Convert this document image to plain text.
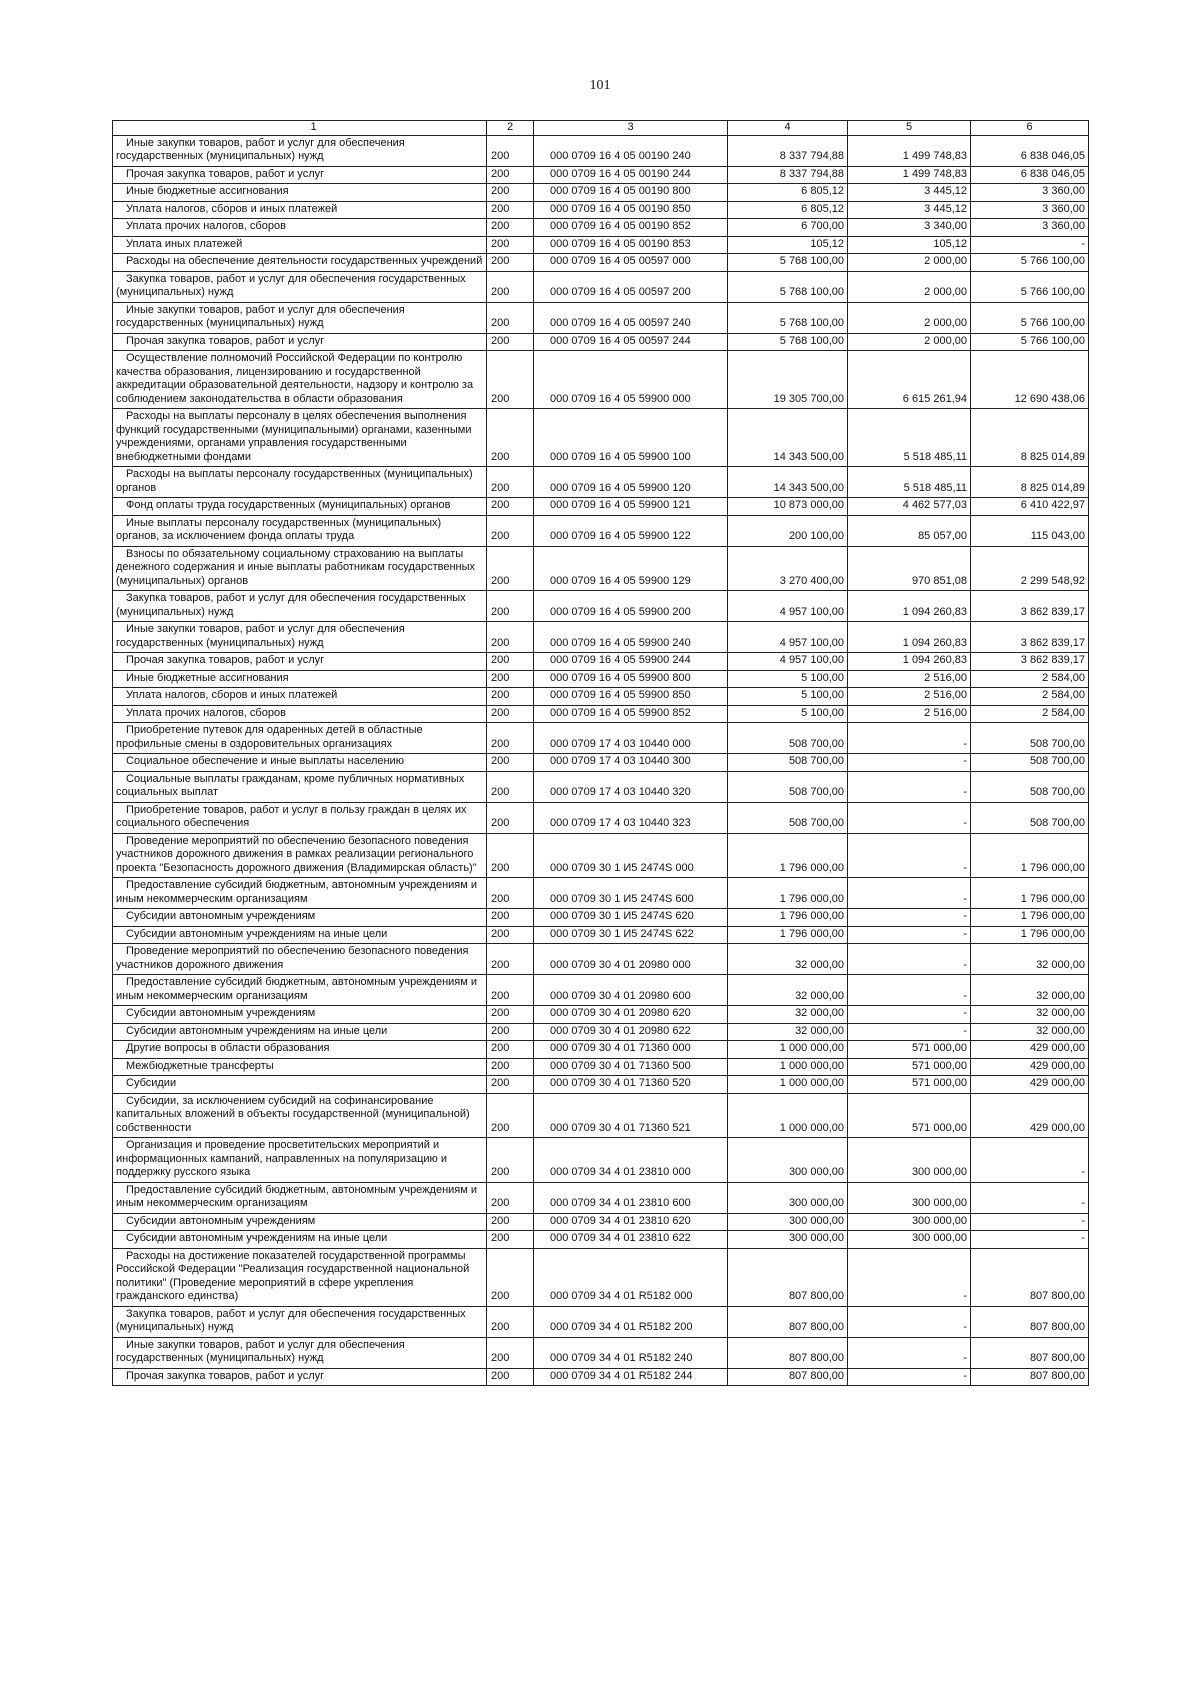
101
1	2	3	4	5	6
Иные закупки товаров, работ и услуг для обеспечения государственных (муниципальных) нужд	200	000 0709 16 4 05 00190 240	8 337 794,88	1 499 748,83	6 838 046,05
Прочая закупка товаров, работ и услуг	200	000 0709 16 4 05 00190 244	8 337 794,88	1 499 748,83	6 838 046,05
Иные бюджетные ассигнования	200	000 0709 16 4 05 00190 800	6 805,12	3 445,12	3 360,00
Уплата налогов, сборов и иных платежей	200	000 0709 16 4 05 00190 850	6 805,12	3 445,12	3 360,00
Уплата прочих налогов, сборов	200	000 0709 16 4 05 00190 852	6 700,00	3 340,00	3 360,00
Уплата иных платежей	200	000 0709 16 4 05 00190 853	105,12	105,12	-
Расходы на обеспечение деятельности государственных учреждений	200	000 0709 16 4 05 00597 000	5 768 100,00	2 000,00	5 766 100,00
Закупка товаров, работ и услуг для обеспечения государственных (муниципальных) нужд	200	000 0709 16 4 05 00597 200	5 768 100,00	2 000,00	5 766 100,00
Иные закупки товаров, работ и услуг для обеспечения государственных (муниципальных) нужд	200	000 0709 16 4 05 00597 240	5 768 100,00	2 000,00	5 766 100,00
Прочая закупка товаров, работ и услуг	200	000 0709 16 4 05 00597 244	5 768 100,00	2 000,00	5 766 100,00
Осуществление полномочий Российской Федерации по контролю качества образования, лицензированию и государственной аккредитации образовательной деятельности, надзору и контролю за соблюдением законодательства в области образования	200	000 0709 16 4 05 59900 000	19 305 700,00	6 615 261,94	12 690 438,06
Расходы на выплаты персоналу в целях обеспечения выполнения функций государственными (муниципальными) органами, казенными учреждениями, органами управления государственными внебюджетными фондами	200	000 0709 16 4 05 59900 100	14 343 500,00	5 518 485,11	8 825 014,89
Расходы на выплаты персоналу государственных (муниципальных) органов	200	000 0709 16 4 05 59900 120	14 343 500,00	5 518 485,11	8 825 014,89
Фонд оплаты труда государственных (муниципальных) органов	200	000 0709 16 4 05 59900 121	10 873 000,00	4 462 577,03	6 410 422,97
Иные выплаты персоналу государственных (муниципальных) органов, за исключением фонда оплаты труда	200	000 0709 16 4 05 59900 122	200 100,00	85 057,00	115 043,00
Взносы по обязательному социальному страхованию на выплаты денежного содержания и иные выплаты работникам государственных (муниципальных) органов	200	000 0709 16 4 05 59900 129	3 270 400,00	970 851,08	2 299 548,92
Закупка товаров, работ и услуг для обеспечения государственных (муниципальных) нужд	200	000 0709 16 4 05 59900 200	4 957 100,00	1 094 260,83	3 862 839,17
Иные закупки товаров, работ и услуг для обеспечения государственных (муниципальных) нужд	200	000 0709 16 4 05 59900 240	4 957 100,00	1 094 260,83	3 862 839,17
Прочая закупка товаров, работ и услуг	200	000 0709 16 4 05 59900 244	4 957 100,00	1 094 260,83	3 862 839,17
Иные бюджетные ассигнования	200	000 0709 16 4 05 59900 800	5 100,00	2 516,00	2 584,00
Уплата налогов, сборов и иных платежей	200	000 0709 16 4 05 59900 850	5 100,00	2 516,00	2 584,00
Уплата прочих налогов, сборов	200	000 0709 16 4 05 59900 852	5 100,00	2 516,00	2 584,00
Приобретение путевок для одаренных детей в областные профильные смены в оздоровительных организациях	200	000 0709 17 4 03 10440 000	508 700,00	-	508 700,00
Социальное обеспечение и иные выплаты населению	200	000 0709 17 4 03 10440 300	508 700,00	-	508 700,00
Социальные выплаты гражданам, кроме публичных нормативных социальных выплат	200	000 0709 17 4 03 10440 320	508 700,00	-	508 700,00
Приобретение товаров, работ и услуг в пользу граждан в целях их социального обеспечения	200	000 0709 17 4 03 10440 323	508 700,00	-	508 700,00
Проведение мероприятий по обеспечению безопасного поведения участников дорожного движения в рамках реализации регионального проекта "Безопасность дорожного движения (Владимирская область)"	200	000 0709 30 1 И5 2474S 000	1 796 000,00	-	1 796 000,00
Предоставление субсидий бюджетным, автономным учреждениям и иным некоммерческим организациям	200	000 0709 30 1 И5 2474S 600	1 796 000,00	-	1 796 000,00
Субсидии автономным учреждениям	200	000 0709 30 1 И5 2474S 620	1 796 000,00	-	1 796 000,00
Субсидии автономным учреждениям на иные цели	200	000 0709 30 1 И5 2474S 622	1 796 000,00	-	1 796 000,00
Проведение мероприятий по обеспечению безопасного поведения участников дорожного движения	200	000 0709 30 4 01 20980 000	32 000,00	-	32 000,00
Предоставление субсидий бюджетным, автономным учреждениям и иным некоммерческим организациям	200	000 0709 30 4 01 20980 600	32 000,00	-	32 000,00
Субсидии автономным учреждениям	200	000 0709 30 4 01 20980 620	32 000,00	-	32 000,00
Субсидии автономным учреждениям на иные цели	200	000 0709 30 4 01 20980 622	32 000,00	-	32 000,00
Другие вопросы в области образования	200	000 0709 30 4 01 71360 000	1 000 000,00	571 000,00	429 000,00
Межбюджетные трансферты	200	000 0709 30 4 01 71360 500	1 000 000,00	571 000,00	429 000,00
Субсидии	200	000 0709 30 4 01 71360 520	1 000 000,00	571 000,00	429 000,00
Субсидии, за исключением субсидий на софинансирование капитальных вложений в объекты государственной (муниципальной) собственности	200	000 0709 30 4 01 71360 521	1 000 000,00	571 000,00	429 000,00
Организация и проведение просветительских мероприятий и информационных кампаний, направленных на популяризацию и поддержку русского языка	200	000 0709 34 4 01 23810 000	300 000,00	300 000,00	-
Предоставление субсидий бюджетным, автономным учреждениям и иным некоммерческим организациям	200	000 0709 34 4 01 23810 600	300 000,00	300 000,00	-
Субсидии автономным учреждениям	200	000 0709 34 4 01 23810 620	300 000,00	300 000,00	-
Субсидии автономным учреждениям на иные цели	200	000 0709 34 4 01 23810 622	300 000,00	300 000,00	-
Расходы на достижение показателей государственной программы Российской Федерации "Реализация государственной национальной политики" (Проведение мероприятий в сфере укрепления гражданского единства)	200	000 0709 34 4 01 R5182 000	807 800,00	-	807 800,00
Закупка товаров, работ и услуг для обеспечения государственных (муниципальных) нужд	200	000 0709 34 4 01 R5182 200	807 800,00	-	807 800,00
Иные закупки товаров, работ и услуг для обеспечения государственных (муниципальных) нужд	200	000 0709 34 4 01 R5182 240	807 800,00	-	807 800,00
Прочая закупка товаров, работ и услуг	200	000 0709 34 4 01 R5182 244	807 800,00	-	807 800,00
